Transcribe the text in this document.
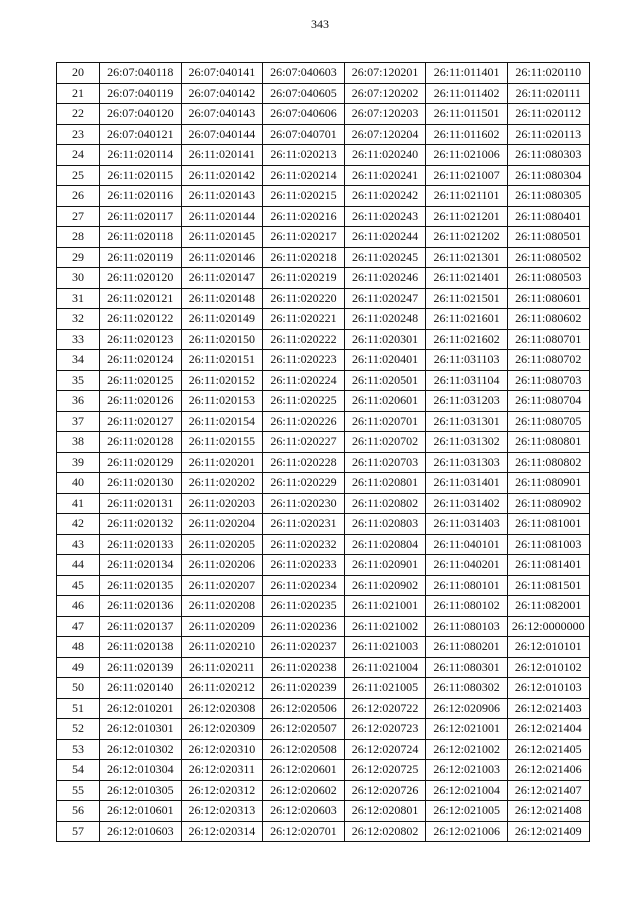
343
20	26:07:040118	26:07:040141	26:07:040603	26:07:120201	26:11:011401	26:11:020110
21	26:07:040119	26:07:040142	26:07:040605	26:07:120202	26:11:011402	26:11:020111
22	26:07:040120	26:07:040143	26:07:040606	26:07:120203	26:11:011501	26:11:020112
23	26:07:040121	26:07:040144	26:07:040701	26:07:120204	26:11:011602	26:11:020113
24	26:11:020114	26:11:020141	26:11:020213	26:11:020240	26:11:021006	26:11:080303
25	26:11:020115	26:11:020142	26:11:020214	26:11:020241	26:11:021007	26:11:080304
26	26:11:020116	26:11:020143	26:11:020215	26:11:020242	26:11:021101	26:11:080305
27	26:11:020117	26:11:020144	26:11:020216	26:11:020243	26:11:021201	26:11:080401
28	26:11:020118	26:11:020145	26:11:020217	26:11:020244	26:11:021202	26:11:080501
29	26:11:020119	26:11:020146	26:11:020218	26:11:020245	26:11:021301	26:11:080502
30	26:11:020120	26:11:020147	26:11:020219	26:11:020246	26:11:021401	26:11:080503
31	26:11:020121	26:11:020148	26:11:020220	26:11:020247	26:11:021501	26:11:080601
32	26:11:020122	26:11:020149	26:11:020221	26:11:020248	26:11:021601	26:11:080602
33	26:11:020123	26:11:020150	26:11:020222	26:11:020301	26:11:021602	26:11:080701
34	26:11:020124	26:11:020151	26:11:020223	26:11:020401	26:11:031103	26:11:080702
35	26:11:020125	26:11:020152	26:11:020224	26:11:020501	26:11:031104	26:11:080703
36	26:11:020126	26:11:020153	26:11:020225	26:11:020601	26:11:031203	26:11:080704
37	26:11:020127	26:11:020154	26:11:020226	26:11:020701	26:11:031301	26:11:080705
38	26:11:020128	26:11:020155	26:11:020227	26:11:020702	26:11:031302	26:11:080801
39	26:11:020129	26:11:020201	26:11:020228	26:11:020703	26:11:031303	26:11:080802
40	26:11:020130	26:11:020202	26:11:020229	26:11:020801	26:11:031401	26:11:080901
41	26:11:020131	26:11:020203	26:11:020230	26:11:020802	26:11:031402	26:11:080902
42	26:11:020132	26:11:020204	26:11:020231	26:11:020803	26:11:031403	26:11:081001
43	26:11:020133	26:11:020205	26:11:020232	26:11:020804	26:11:040101	26:11:081003
44	26:11:020134	26:11:020206	26:11:020233	26:11:020901	26:11:040201	26:11:081401
45	26:11:020135	26:11:020207	26:11:020234	26:11:020902	26:11:080101	26:11:081501
46	26:11:020136	26:11:020208	26:11:020235	26:11:021001	26:11:080102	26:11:082001
47	26:11:020137	26:11:020209	26:11:020236	26:11:021002	26:11:080103	26:12:0000000
48	26:11:020138	26:11:020210	26:11:020237	26:11:021003	26:11:080201	26:12:010101
49	26:11:020139	26:11:020211	26:11:020238	26:11:021004	26:11:080301	26:12:010102
50	26:11:020140	26:11:020212	26:11:020239	26:11:021005	26:11:080302	26:12:010103
51	26:12:010201	26:12:020308	26:12:020506	26:12:020722	26:12:020906	26:12:021403
52	26:12:010301	26:12:020309	26:12:020507	26:12:020723	26:12:021001	26:12:021404
53	26:12:010302	26:12:020310	26:12:020508	26:12:020724	26:12:021002	26:12:021405
54	26:12:010304	26:12:020311	26:12:020601	26:12:020725	26:12:021003	26:12:021406
55	26:12:010305	26:12:020312	26:12:020602	26:12:020726	26:12:021004	26:12:021407
56	26:12:010601	26:12:020313	26:12:020603	26:12:020801	26:12:021005	26:12:021408
57	26:12:010603	26:12:020314	26:12:020701	26:12:020802	26:12:021006	26:12:021409
